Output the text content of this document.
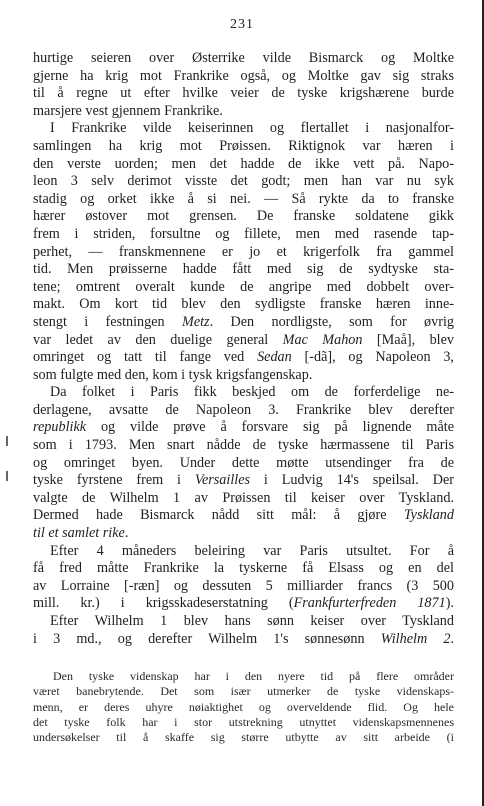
231
hurtige seieren over Østerrike vilde Bismarck og Moltke
gjerne ha krig mot Frankrike også, og Moltke gav sig straks
til å regne ut efter hvilke veier de tyske krigshærene burde
marsjere vest gjennem Frankrike.
I Frankrike vilde keiserinnen og flertallet i nasjonalfor-
samlingen ha krig mot Prøissen. Riktignok var hæren i
den verste uorden; men det hadde de ikke vett på. Napo-
leon 3 selv derimot visste det godt; men han var nu syk
stadig og orket ikke å si nei. — Så rykte da to franske
hærer østover mot grensen. De franske soldatene gikk
frem i striden, forsultne og fillete, men med rasende tap-
perhet, — franskmennene er jo et krigerfolk fra gammel
tid. Men prøisserne hadde fått med sig de sydtyske sta-
tene; omtrent overalt kunde de angripe med dobbelt over-
makt. Om kort tid blev den sydligste franske hæren inne-
stengt i festningen Metz. Den nordligste, som for øvrig
var ledet av den duelige general Mac Mahon [Maå], blev
omringet og tatt til fange ved Sedan [-dã], og Napoleon 3,
som fulgte med den, kom i tysk krigsfangenskap.
Da folket i Paris fikk beskjed om de forferdelige ne-
derlagene, avsatte de Napoleon 3. Frankrike blev derefter
republikk og vilde prøve å forsvare sig på lignende måte
som i 1793. Men snart nådde de tyske hærmassene til Paris
og omringet byen. Under dette møtte utsendinger fra de
tyske fyrstene frem i Versailles i Ludvig 14's speilsal. Der
valgte de Wilhelm 1 av Prøissen til keiser over Tyskland.
Dermed hade Bismarck nådd sitt mål: å gjøre Tyskland
til et samlet rike.
Efter 4 måneders beleiring var Paris utsultet. For å
få fred måtte Frankrike la tyskerne få Elsass og en del
av Lorraine [-ræn] og dessuten 5 milliarder francs (3 500
mill. kr.) i krigsskadeserstatning (Frankfurterfreden 1871).
Efter Wilhelm 1 blev hans sønn keiser over Tyskland
i 3 md., og derefter Wilhelm 1's sønnesønn Wilhelm 2.
Den tyske videnskap har i den nyere tid på flere områder
været banebrytende. Det som især utmerker de tyske videnskaps-
menn, er deres uhyre nøiaktighet og overveldende flid. Og hele
det tyske folk har i stor utstrekning utnyttet videnskapsmennenes
undersøkelser til å skaffe sig større utbytte av sitt arbeide (i
